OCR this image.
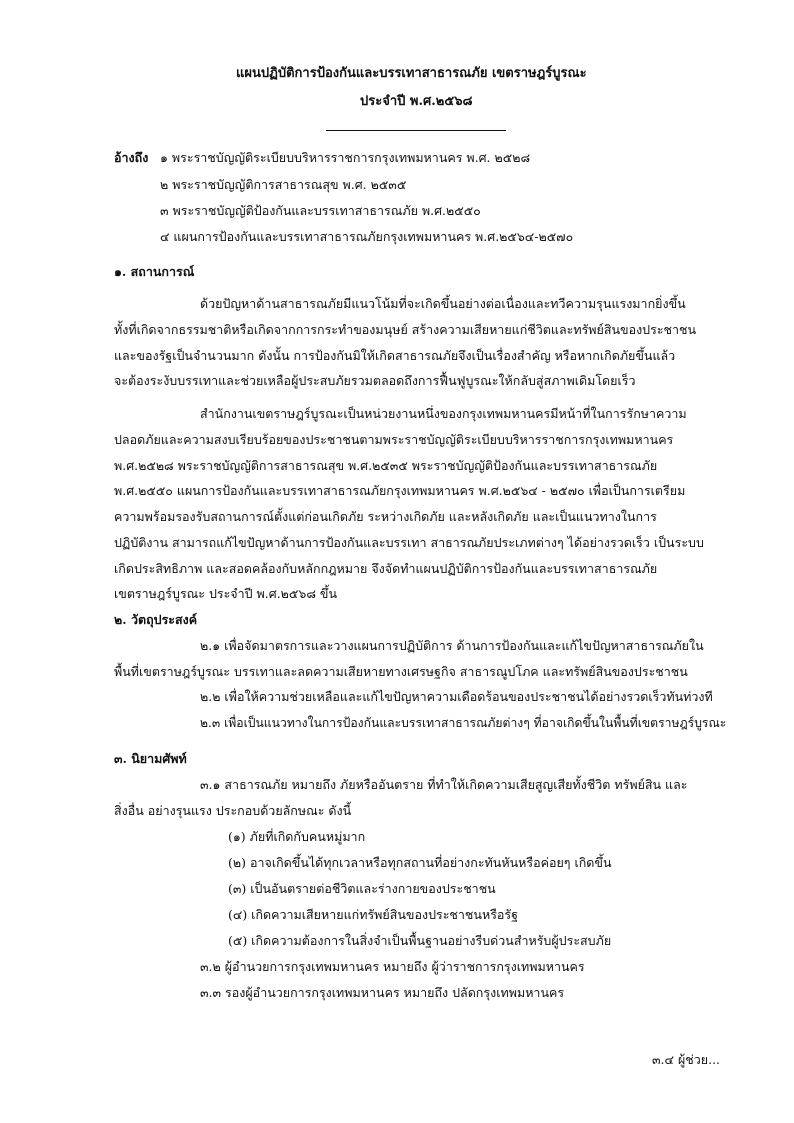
แผนปฏิบัติการป้องกันและบรรเทาสาธารณภัย เขตราษฎร์บูรณะ
ประจำปี พ.ศ.๒๕๖๘
อ้างถึง ๑ พระราชบัญญัติระเบียบบริหารราชการกรุงเทพมหานคร พ.ศ. ๒๕๒๘
๒ พระราชบัญญัติการสาธารณสุข พ.ศ. ๒๕๓๕
๓ พระราชบัญญัติป้องกันและบรรเทาสาธารณภัย พ.ศ.๒๕๕๐
๔ แผนการป้องกันและบรรเทาสาธารณภัยกรุงเทพมหานคร พ.ศ.๒๕๖๔-๒๕๗๐
๑. สถานการณ์
ด้วยปัญหาด้านสาธารณภัยมีแนวโน้มที่จะเกิดขึ้นอย่างต่อเนื่องและทวีความรุนแรงมากยิ่งขึ้น
ทั้งที่เกิดจากธรรมชาติหรือเกิดจากการกระทำของมนุษย์ สร้างความเสียหายแก่ชีวิตและทรัพย์สินของประชาชน
และของรัฐเป็นจำนวนมาก ดังนั้น การป้องกันมิให้เกิดสาธารณภัยจึงเป็นเรื่องสำคัญ หรือหากเกิดภัยขึ้นแล้ว
จะต้องระงับบรรเทาและช่วยเหลือผู้ประสบภัยรวมตลอดถึงการฟื้นฟูบูรณะให้กลับสู่สภาพเดิมโดยเร็ว
สำนักงานเขตราษฎร์บูรณะเป็นหน่วยงานหนึ่งของกรุงเทพมหานครมีหน้าที่ในการรักษาความ
ปลอดภัยและความสงบเรียบร้อยของประชาชนตามพระราชบัญญัติระเบียบบริหารราชการกรุงเทพมหานคร
พ.ศ.๒๕๒๘ พระราชบัญญัติการสาธารณสุข พ.ศ.๒๕๓๕ พระราชบัญญัติป้องกันและบรรเทาสาธารณภัย
พ.ศ.๒๕๕๐ แผนการป้องกันและบรรเทาสาธารณภัยกรุงเทพมหานคร พ.ศ.๒๕๖๔ - ๒๕๗๐ เพื่อเป็นการเตรียม
ความพร้อมรองรับสถานการณ์ตั้งแต่ก่อนเกิดภัย ระหว่างเกิดภัย และหลังเกิดภัย และเป็นแนวทางในการ
ปฏิบัติงาน สามารถแก้ไขปัญหาด้านการป้องกันและบรรเทา สาธารณภัยประเภทต่างๆ ได้อย่างรวดเร็ว เป็นระบบ
เกิดประสิทธิภาพ และสอดคล้องกับหลักกฎหมาย จึงจัดทำแผนปฏิบัติการป้องกันและบรรเทาสาธารณภัย
เขตราษฎร์บูรณะ ประจำปี พ.ศ.๒๕๖๘ ขึ้น
๒. วัตถุประสงค์
๒.๑ เพื่อจัดมาตรการและวางแผนการปฏิบัติการ ด้านการป้องกันและแก้ไขปัญหาสาธารณภัยใน
พื้นที่เขตราษฎร์บูรณะ บรรเทาและลดความเสียหายทางเศรษฐกิจ สาธารณูปโภค และทรัพย์สินของประชาชน
๒.๒ เพื่อให้ความช่วยเหลือและแก้ไขปัญหาความเดือดร้อนของประชาชนได้อย่างรวดเร็วทันท่วงที
๒.๓ เพื่อเป็นแนวทางในการป้องกันและบรรเทาสาธารณภัยต่างๆ ที่อาจเกิดขึ้นในพื้นที่เขตราษฎร์บูรณะ
๓. นิยามศัพท์
๓.๑ สาธารณภัย หมายถึง ภัยหรืออันตราย ที่ทำให้เกิดความเสียสูญเสียทั้งชีวิต ทรัพย์สิน และ
สิ่งอื่น อย่างรุนแรง ประกอบด้วยลักษณะ ดังนี้
(๑) ภัยที่เกิดกับคนหมู่มาก
(๒) อาจเกิดขึ้นได้ทุกเวลาหรือทุกสถานที่อย่างกะทันหันหรือค่อยๆ เกิดขึ้น
(๓) เป็นอันตรายต่อชีวิตและร่างกายของประชาชน
(๔) เกิดความเสียหายแก่ทรัพย์สินของประชาชนหรือรัฐ
(๕) เกิดความต้องการในสิ่งจำเป็นพื้นฐานอย่างรีบด่วนสำหรับผู้ประสบภัย
๓.๒ ผู้อำนวยการกรุงเทพมหานคร หมายถึง ผู้ว่าราชการกรุงเทพมหานคร
๓.๓ รองผู้อำนวยการกรุงเทพมหานคร หมายถึง ปลัดกรุงเทพมหานคร
๓.๔ ผู้ช่วย...
